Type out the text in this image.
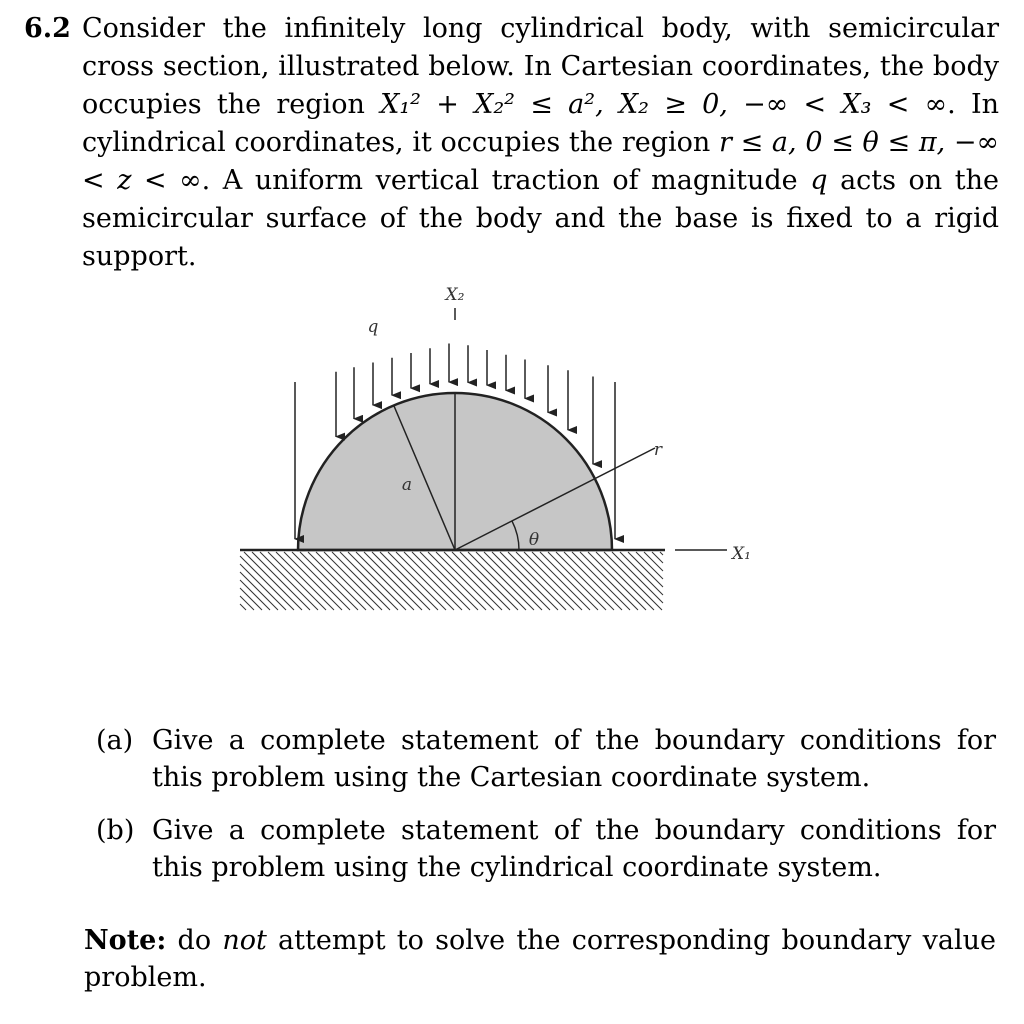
6.2 Consider the infinitely long cylindrical body, with semicircular cross section, illustrated below. In Cartesian coordinates, the body occupies the region X₁² + X₂² ≤ a², X₂ ≥ 0, −∞ < X₃ < ∞. In cylindrical coordinates, it occupies the region r ≤ a, 0 ≤ θ ≤ π, −∞ < z < ∞. A uniform vertical traction of magnitude q acts on the semicircular surface of the body and the base is fixed to a rigid support.
X₂
q
a
r
θ
X₁
(a) Give a complete statement of the boundary conditions for this problem using the Cartesian coordinate system.
(b) Give a complete statement of the boundary conditions for this problem using the cylindrical coordinate system.
Note: do not attempt to solve the corresponding boundary value problem.
